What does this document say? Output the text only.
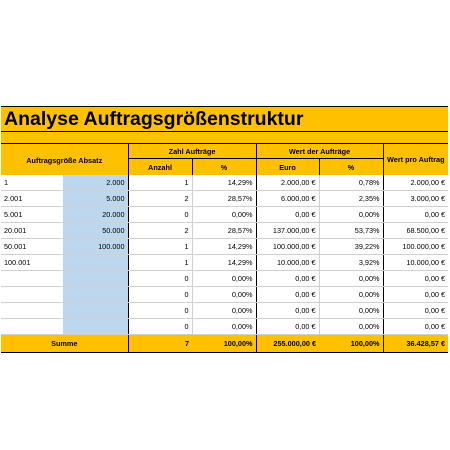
Analyse Auftragsgrößenstruktur
Auftragsgröße Absatz		Zahl Aufträge		Wert der Aufträge		Wert pro Auftrag
		Anzahl	%	Euro	%	
1	2.000	1	14,29%	2.000,00 €	0,78%	2.000,00 €
2.001	5.000	2	28,57%	6.000,00 €	2,35%	3.000,00 €
5.001	20.000	0	0,00%	0,00 €	0,00%	0,00 €
20.001	50.000	2	28,57%	137.000,00 €	53,73%	68.500,00 €
50.001	100.000	1	14,29%	100.000,00 €	39,22%	100.000,00 €
100.001		1	14,29%	10.000,00 €	3,92%	10.000,00 €
		0	0,00%	0,00 €	0,00%	0,00 €
		0	0,00%	0,00 €	0,00%	0,00 €
		0	0,00%	0,00 €	0,00%	0,00 €
		0	0,00%	0,00 €	0,00%	0,00 €
Summe		7	100,00%	255.000,00 €	100,00%	36.428,57 €
